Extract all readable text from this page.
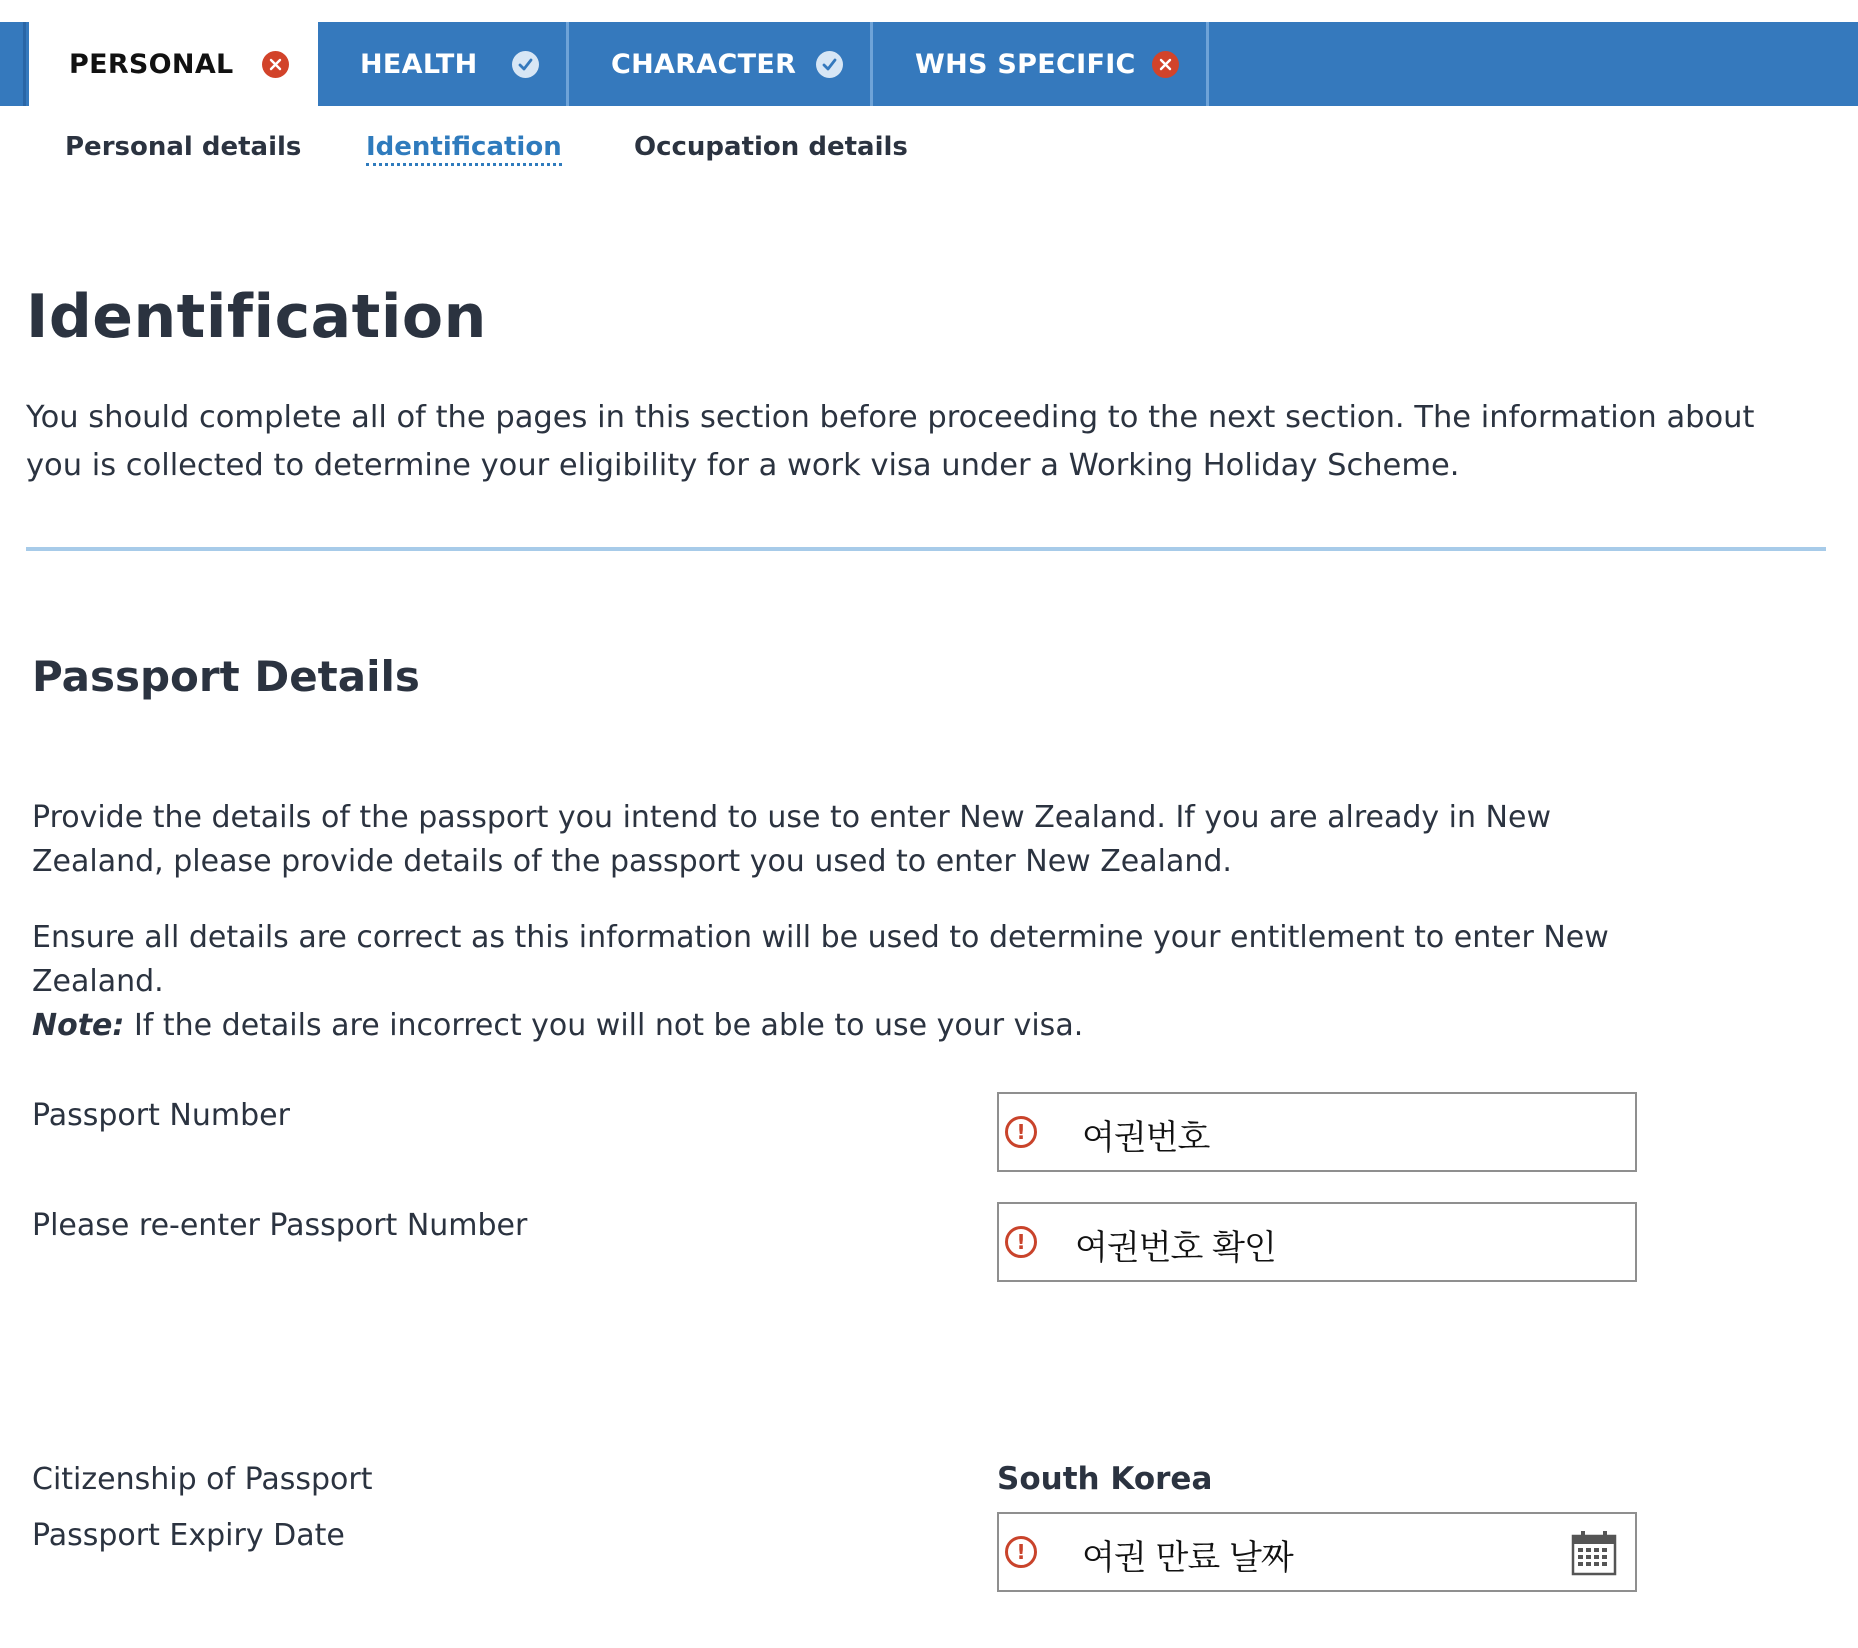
PERSONAL	HEALTH	CHARACTER	WHS SPECIFIC
Personal details Identification	Occupation details
Identification

You should complete all of the pages in this section before proceeding to the next section. The information about you is collected to determine your eligibility for a work visa under a Working Holiday Scheme.

Passport Details

Provide the details of the passport you intend to use to enter New Zealand. If you are already in New Zealand, please provide details of the passport you used to enter New Zealand.

Ensure all details are correct as this information will be used to determine your entitlement to enter New Zealand.
Note: If the details are incorrect you will not be able to use your visa.

Passport Number	!	여권번호
Please re-enter Passport Number	!	여권번호 확인
Citizenship of Passport	South Korea
Passport Expiry Date	!	여권 만료 날짜
